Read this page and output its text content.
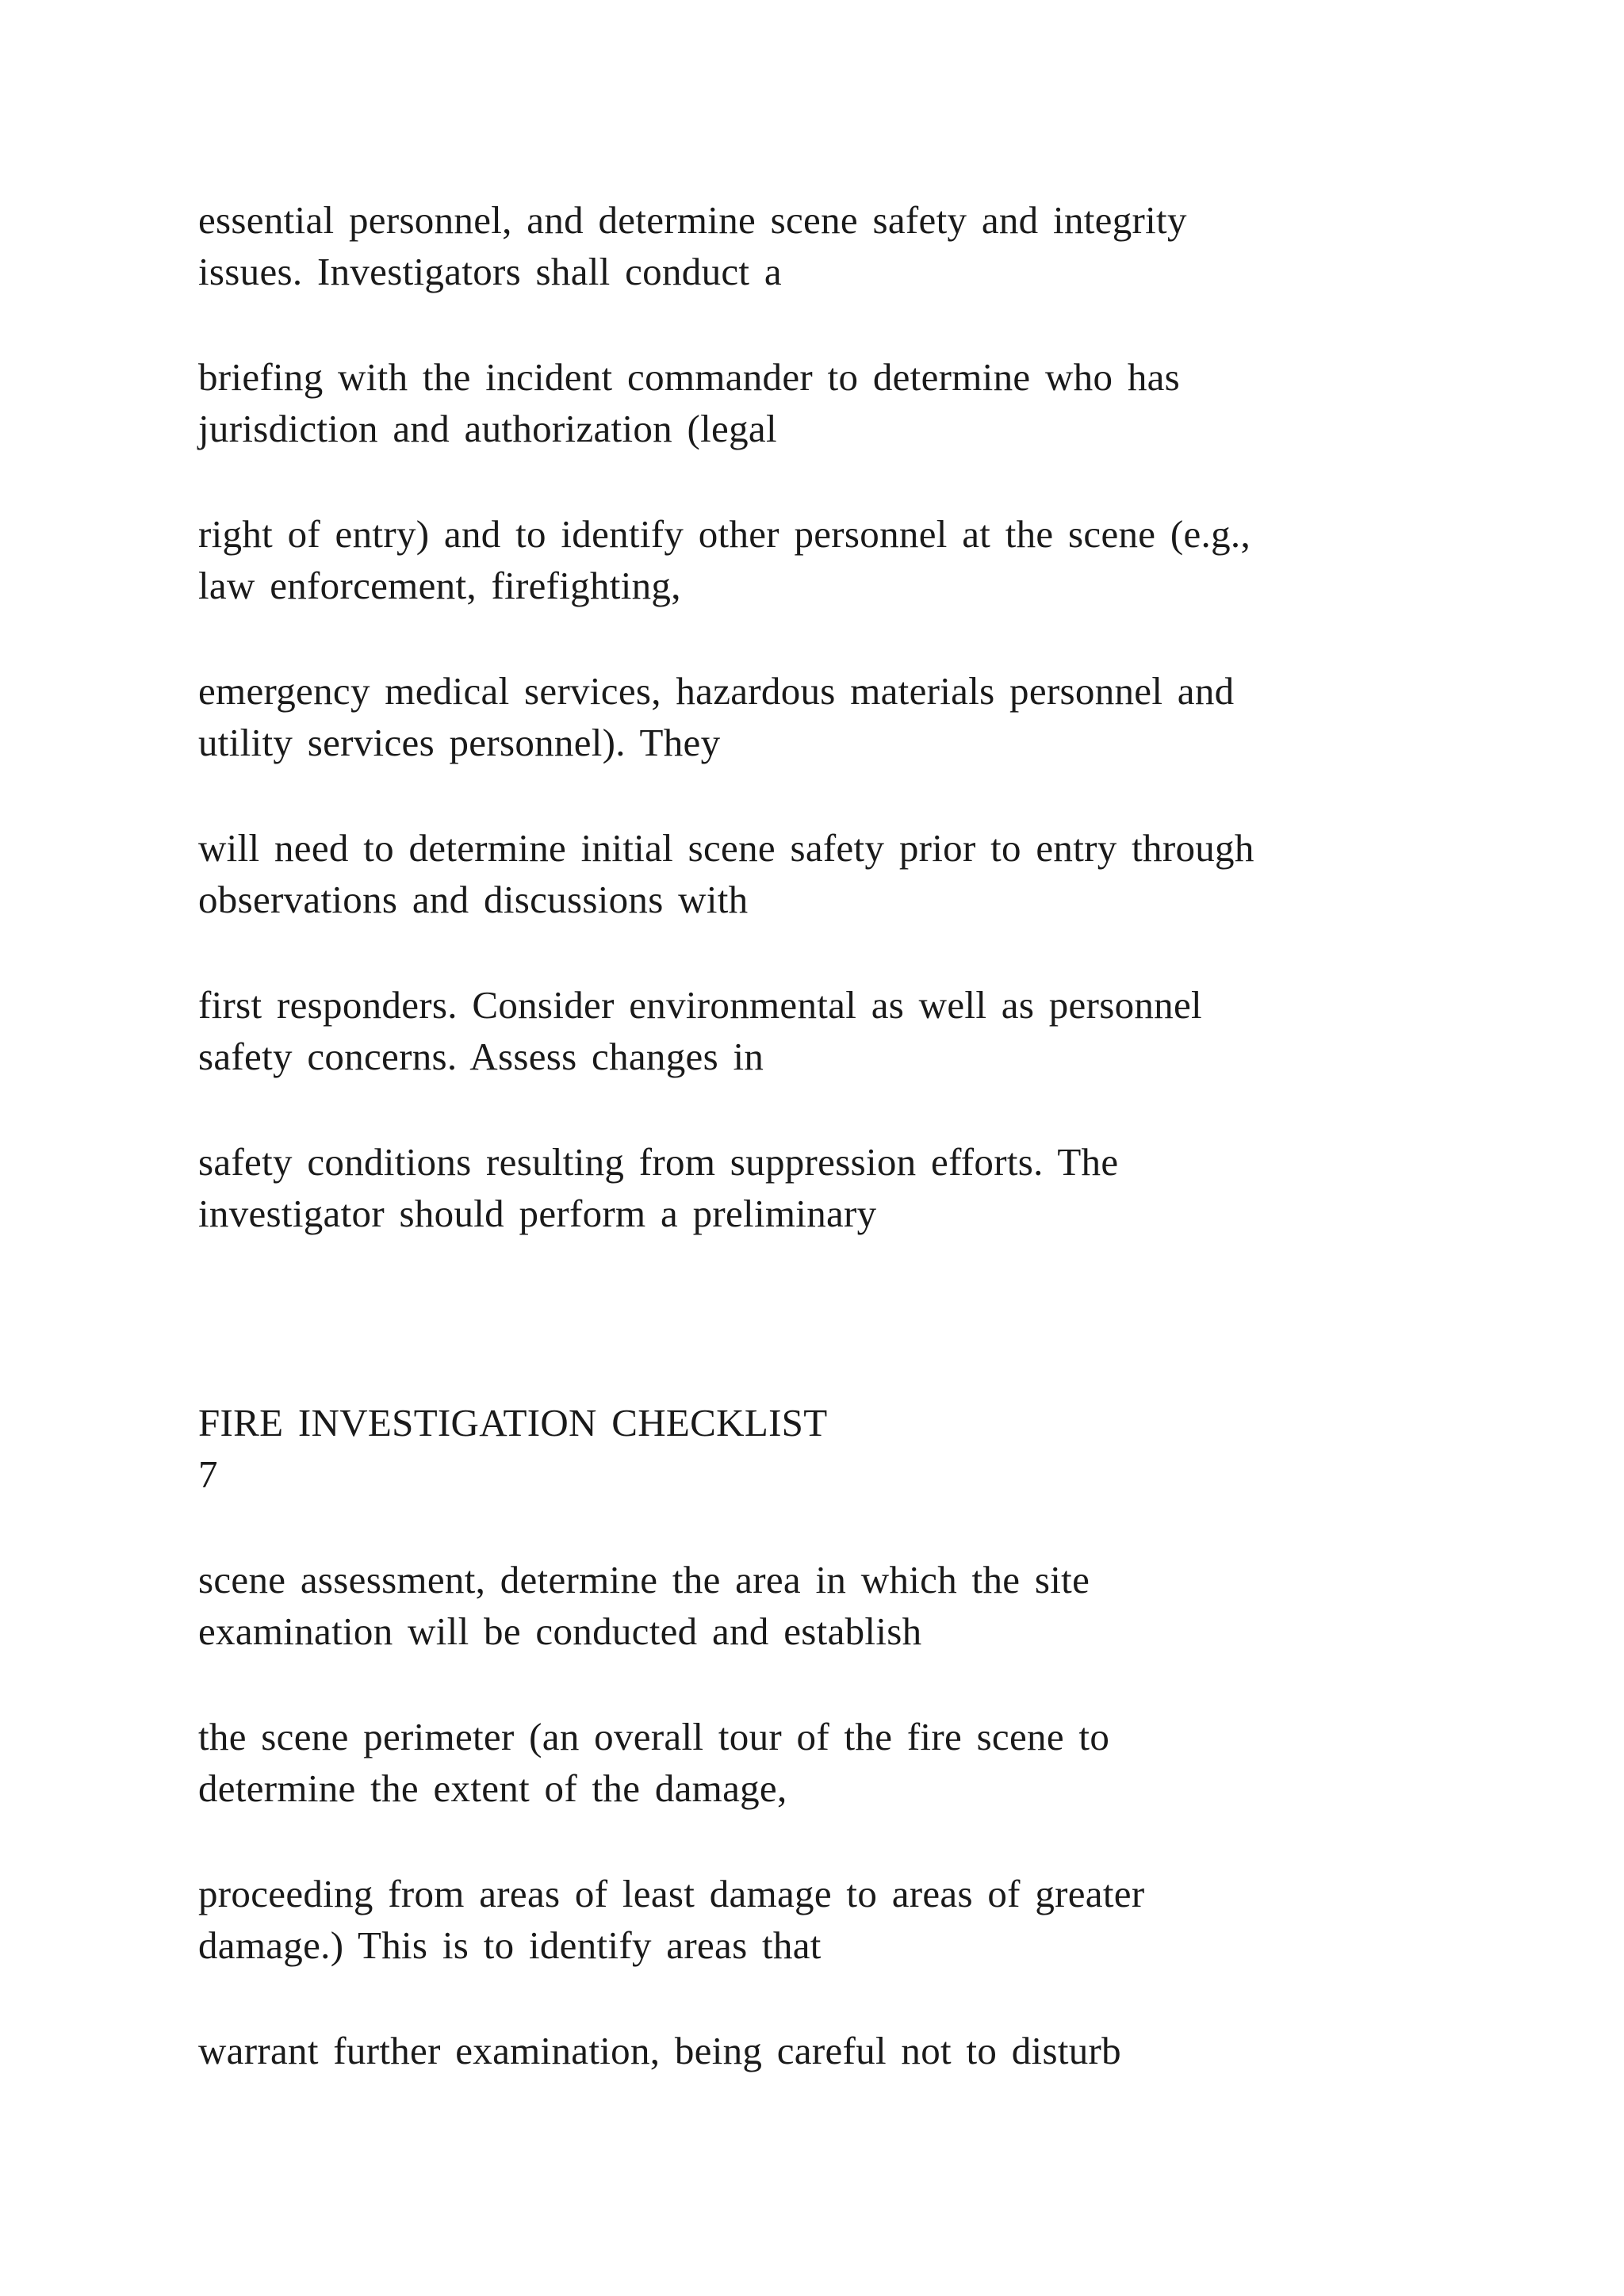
essential personnel, and determine scene safety and integrity

issues. Investigators shall conduct a

briefing with the incident commander to determine who has

jurisdiction and authorization (legal

right of entry) and to identify other personnel at the scene (e.g.,

law enforcement, firefighting,

emergency medical services, hazardous materials personnel and

utility services personnel). They

will need to determine initial scene safety prior to entry through

observations and discussions with

first responders. Consider environmental as well as personnel

safety concerns. Assess changes in

safety conditions resulting from suppression efforts. The

investigator should perform a preliminary

FIRE INVESTIGATION CHECKLIST

7

scene assessment, determine the area in which the site

examination will be conducted and establish

the scene perimeter (an overall tour of the fire scene to

determine the extent of the damage,

proceeding from areas of least damage to areas of greater

damage.) This is to identify areas that

warrant further examination, being careful not to disturb
